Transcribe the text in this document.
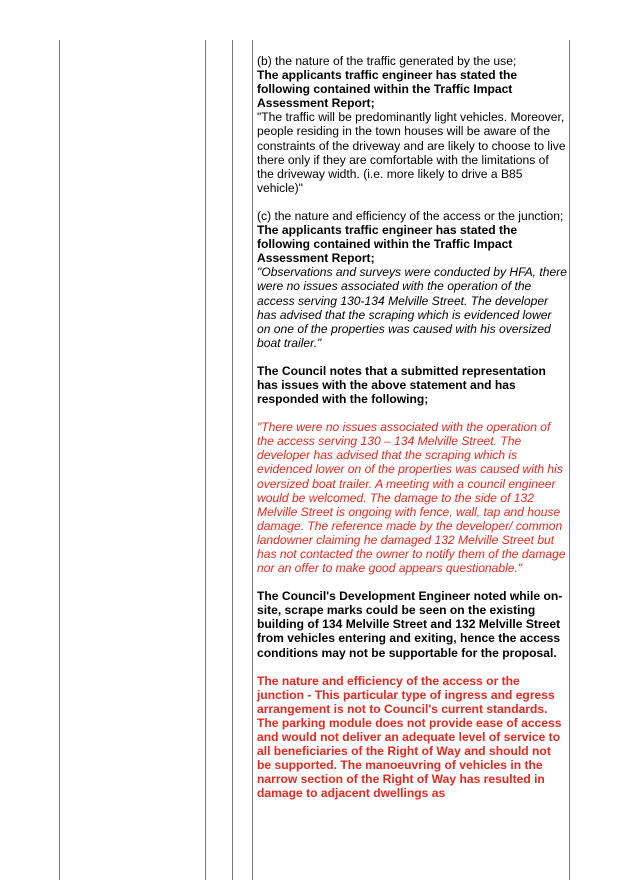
(b) the nature of the traffic generated by the use;

The applicants traffic engineer has stated the following contained within the Traffic Impact Assessment Report;

"The traffic will be predominantly light vehicles. Moreover, people residing in the town houses will be aware of the constraints of the driveway and are likely to choose to live there only if they are comfortable with the limitations of the driveway width. (i.e. more likely to drive a B85 vehicle)"

(c) the nature and efficiency of the access or the junction;

The applicants traffic engineer has stated the following contained within the Traffic Impact Assessment Report;

"Observations and surveys were conducted by HFA, there were no issues associated with the operation of the access serving 130-134 Melville Street. The developer has advised that the scraping which is evidenced lower on one of the properties was caused with his oversized boat trailer."

The Council notes that a submitted representation has issues with the above statement and has responded with the following;

"There were no issues associated with the operation of the access serving 130 – 134 Melville Street. The developer has advised that the scraping which is evidenced lower on of the properties was caused with his oversized boat trailer. A meeting with a council engineer would be welcomed. The damage to the side of 132 Melville Street is ongoing with fence, wall, tap and house damage. The reference made by the developer/ common landowner claiming he damaged 132 Melville Street but has not contacted the owner to notify them of the damage nor an offer to make good appears questionable."

The Council's Development Engineer noted while on-site, scrape marks could be seen on the existing building of 134 Melville Street and 132 Melville Street from vehicles entering and exiting, hence the access conditions may not be supportable for the proposal.

The nature and efficiency of the access or the junction - This particular type of ingress and egress arrangement is not to Council's current standards. The parking module does not provide ease of access and would not deliver an adequate level of service to all beneficiaries of the Right of Way and should not be supported. The manoeuvring of vehicles in the narrow section of the Right of Way has resulted in damage to adjacent dwellings as
